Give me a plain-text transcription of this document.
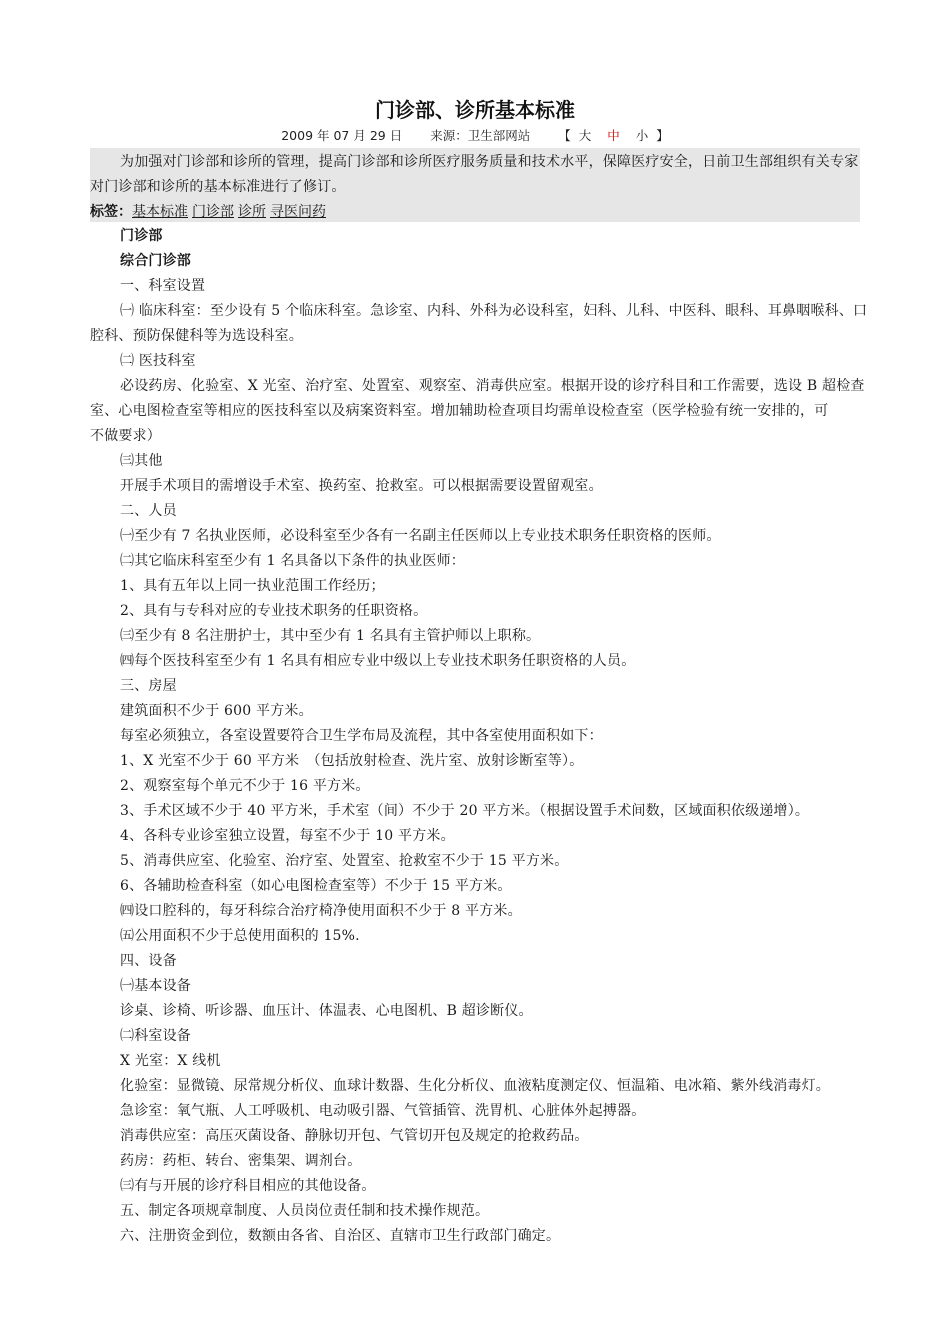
门诊部、诊所基本标准
2009 年 07 月 29 日 来源：卫生部网站 【 大 中 小 】

为加强对门诊部和诊所的管理，提高门诊部和诊所医疗服务质量和技术水平，保障医疗安全，日前卫生部组织有关专家对门诊部和诊所的基本标准进行了修订。

标签：基本标准 门诊部 诊所 寻医问药
门诊部
综合门诊部
一、科室设置
㈠ 临床科室：至少设有 5 个临床科室。急诊室、内科、外科为必设科室，妇科、儿科、中医科、眼科、耳鼻咽喉科、口
腔科、预防保健科等为选设科室。
㈡ 医技科室
必设药房、化验室、X 光室、治疗室、处置室、观察室、消毒供应室。根据开设的诊疗科目和工作需要，选设 B 超检查
室、心电图检查室等相应的医技科室以及病案资料室。增加辅助检查项目均需单设检查室（医学检验有统一安排的，可
不做要求）
㈢其他
开展手术项目的需增设手术室、换药室、抢救室。可以根据需要设置留观室。
二、人员
㈠至少有 7 名执业医师，必设科室至少各有一名副主任医师以上专业技术职务任职资格的医师。
㈡其它临床科室至少有 1 名具备以下条件的执业医师：
1、具有五年以上同一执业范围工作经历；
2、具有与专科对应的专业技术职务的任职资格。
㈢至少有 8 名注册护士，其中至少有 1 名具有主管护师以上职称。
㈣每个医技科室至少有 1 名具有相应专业中级以上专业技术职务任职资格的人员。
三、房屋
建筑面积不少于 600 平方米。
每室必须独立，各室设置要符合卫生学布局及流程，其中各室使用面积如下：
1、X 光室不少于 60 平方米　（包括放射检查、洗片室、放射诊断室等）。
2、观察室每个单元不少于 16 平方米。
3、手术区域不少于 40 平方米，手术室（间）不少于 20 平方米。（根据设置手术间数，区域面积依级递增）。
4、各科专业诊室独立设置，每室不少于 10 平方米。
5、消毒供应室、化验室、治疗室、处置室、抢救室不少于 15 平方米。
6、各辅助检查科室（如心电图检查室等）不少于 15 平方米。
㈣设口腔科的，每牙科综合治疗椅净使用面积不少于 8 平方米。
㈤公用面积不少于总使用面积的 15%.
四、设备
㈠基本设备
诊桌、诊椅、听诊器、血压计、体温表、心电图机、B 超诊断仪。
㈡科室设备
X 光室：X 线机
化验室：显微镜、尿常规分析仪、血球计数器、生化分析仪、血液粘度测定仪、恒温箱、电冰箱、紫外线消毒灯。
急诊室：氧气瓶、人工呼吸机、电动吸引器、气管插管、洗胃机、心脏体外起搏器。
消毒供应室：高压灭菌设备、静脉切开包、气管切开包及规定的抢救药品。
药房：药柜、转台、密集架、调剂台。
㈢有与开展的诊疗科目相应的其他设备。
五、制定各项规章制度、人员岗位责任制和技术操作规范。
六、注册资金到位，数额由各省、自治区、直辖市卫生行政部门确定。
